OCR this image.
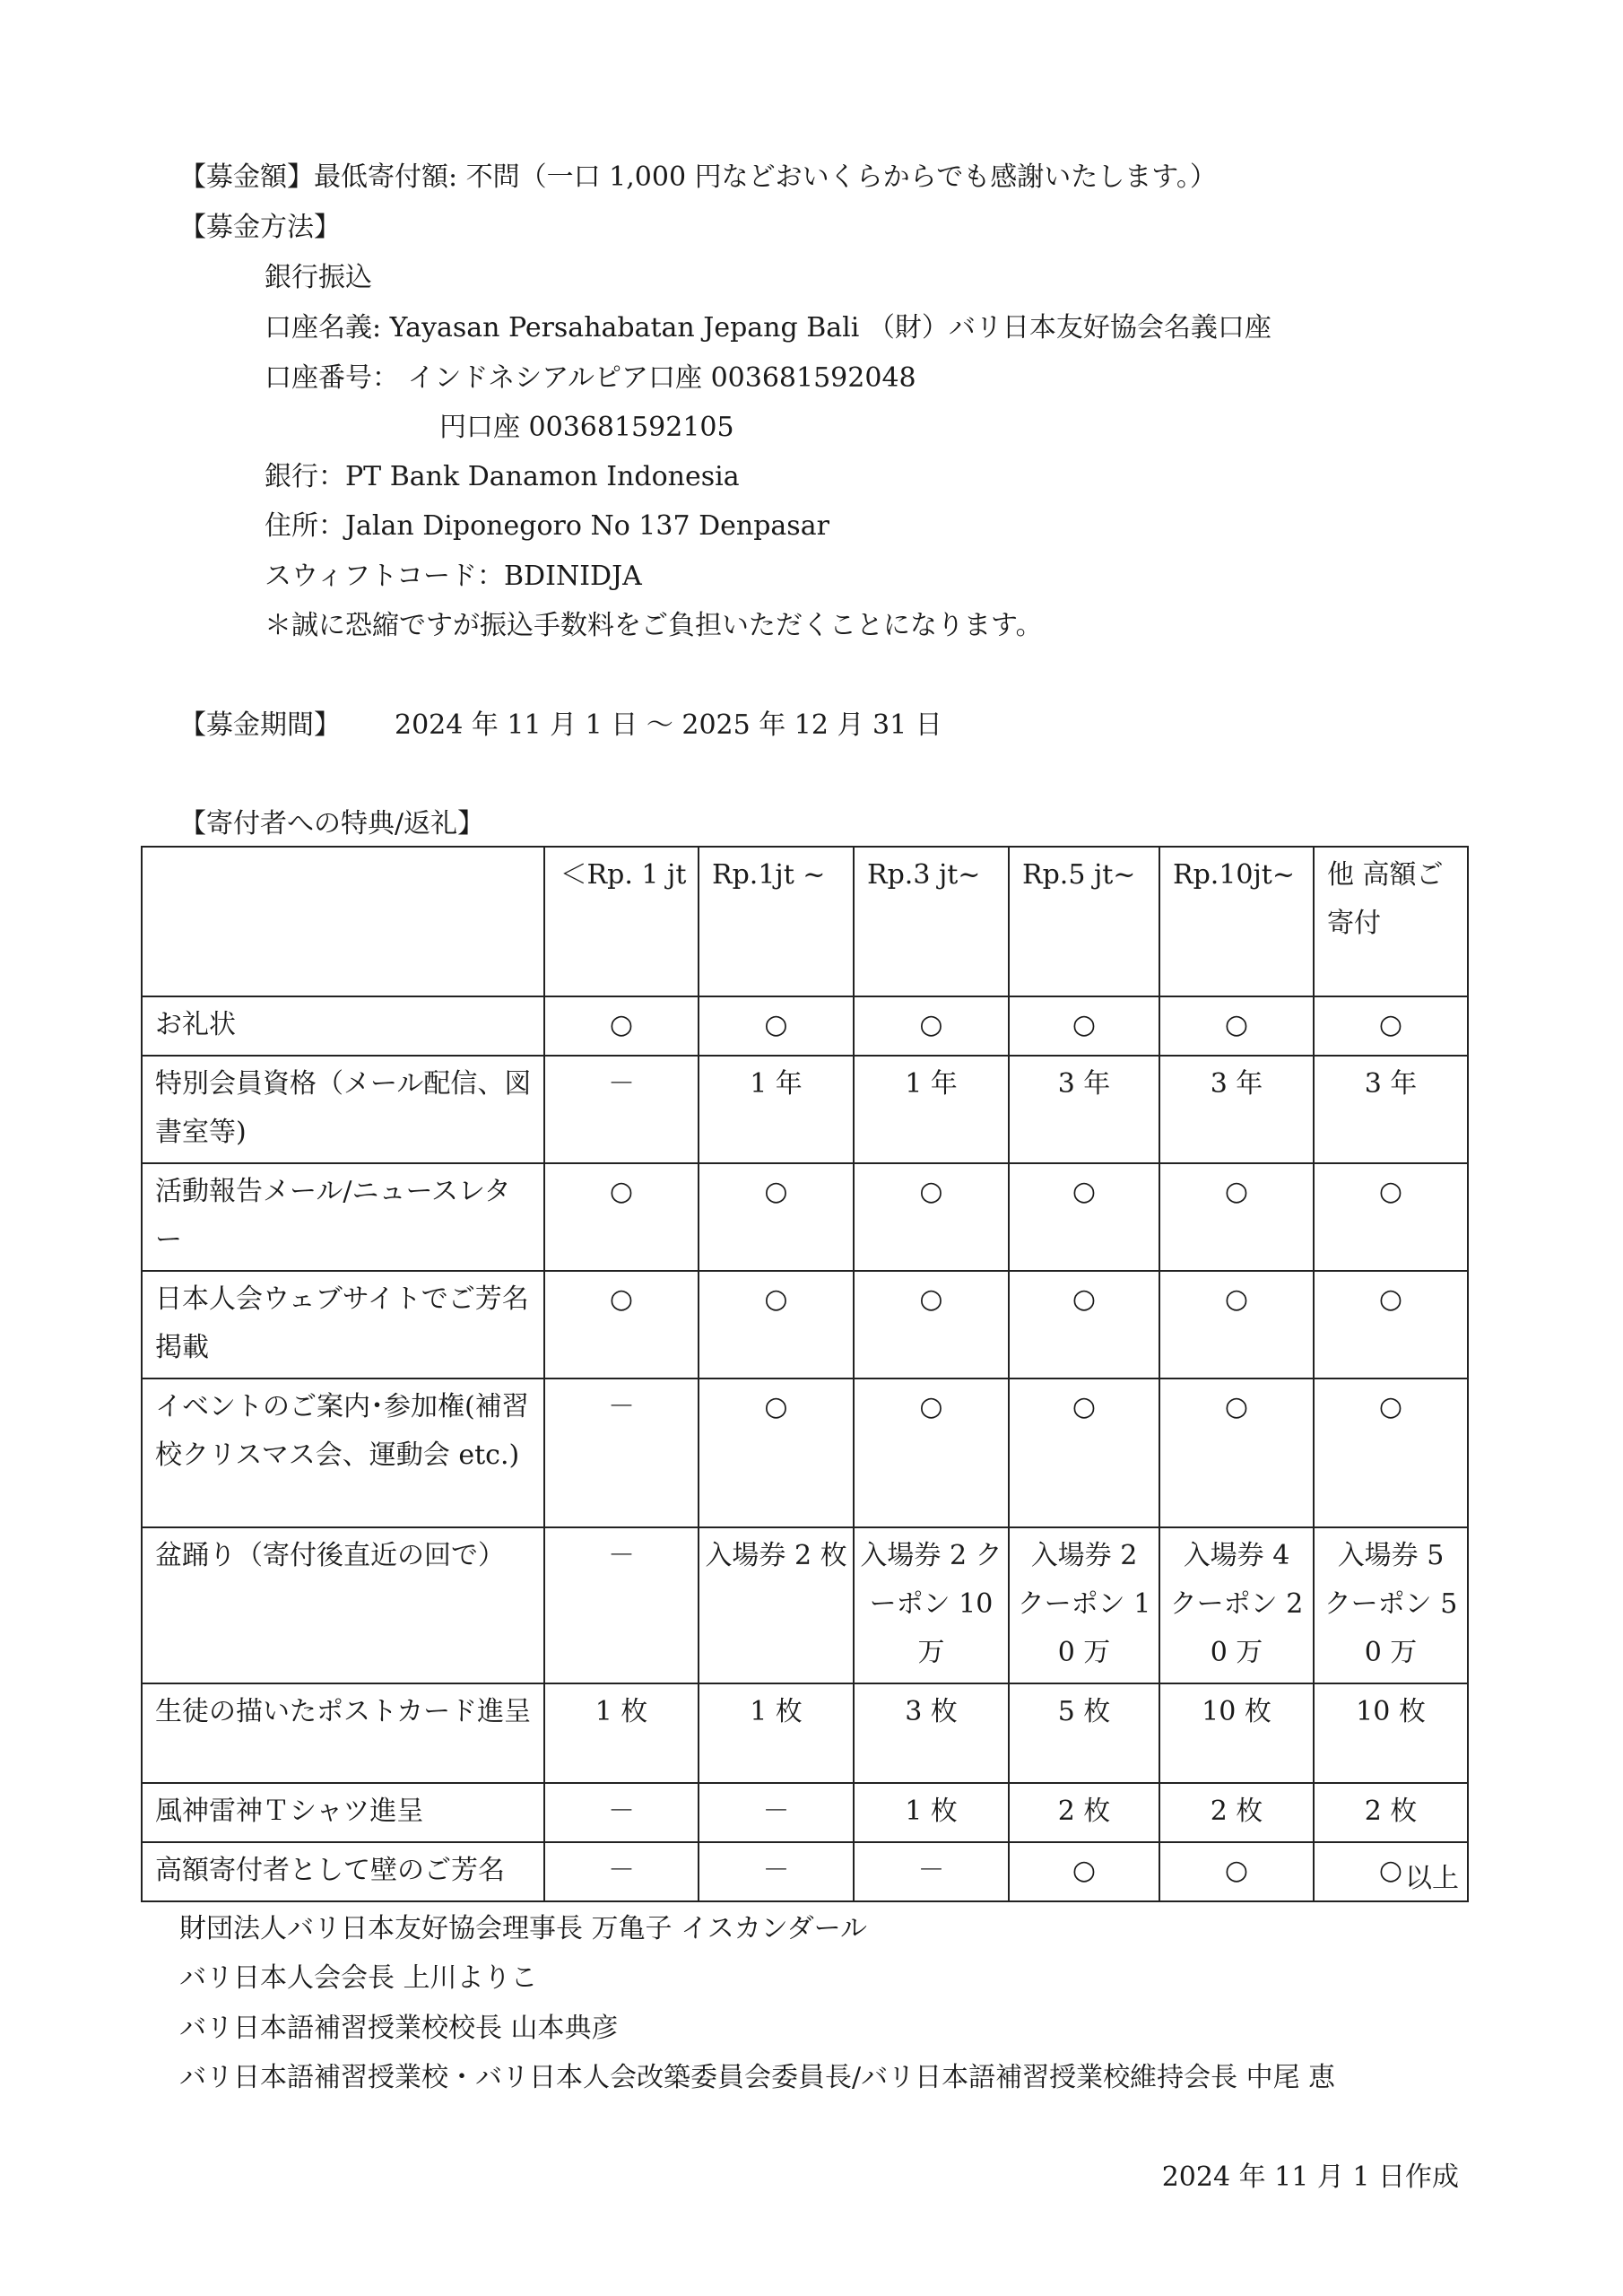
【募金額】最低寄付額: 不問（一口 1,000 円などおいくらからでも感謝いたします。）
【募金方法】
銀行振込
口座名義: Yayasan Persahabatan Jepang Bali （財）バリ日本友好協会名義口座
口座番号： インドネシアルピア口座 003681592048
円口座 003681592105
銀行：PT Bank Danamon Indonesia
住所：Jalan Diponegoro No 137 Denpasar
スウィフトコード：BDINIDJA
＊誠に恐縮ですが振込手数料をご負担いただくことになります。
【募金期間】 2024 年 11 月 1 日 ～ 2025 年 12 月 31 日
【寄付者への特典/返礼】
	＜Rp. 1 jt	Rp.1jt ~	Rp.3 jt~	Rp.5 jt~	Rp.10jt~	他 高額ご寄付
お礼状	○	○	○	○	○	○
特別会員資格（メール配信、図書室等)	－	1 年	1 年	3 年	3 年	3 年
活動報告メール/ニュースレター	○	○	○	○	○	○
日本人会ウェブサイトでご芳名掲載	○	○	○	○	○	○
イベントのご案内･参加権(補習校クリスマス会、運動会 etc.)	－	○	○	○	○	○
盆踊り（寄付後直近の回で）	－	入場券 2 枚	入場券 2 クーポン 10 万	入場券 2 クーポン 10 万	入場券 4 クーポン 20 万	入場券 5 クーポン 50 万
生徒の描いたポストカード進呈	1 枚	1 枚	3 枚	5 枚	10 枚	10 枚
風神雷神Ｔシャツ進呈	－	－	1 枚	2 枚	2 枚	2 枚
高額寄付者として壁のご芳名	－	－	－	○	○	○ 以上
財団法人バリ日本友好協会理事長 万亀子 イスカンダール
バリ日本人会会長 上川よりこ
バリ日本語補習授業校校長 山本典彦
バリ日本語補習授業校・バリ日本人会改築委員会委員長/バリ日本語補習授業校維持会長 中尾 恵
2024 年 11 月 1 日作成
